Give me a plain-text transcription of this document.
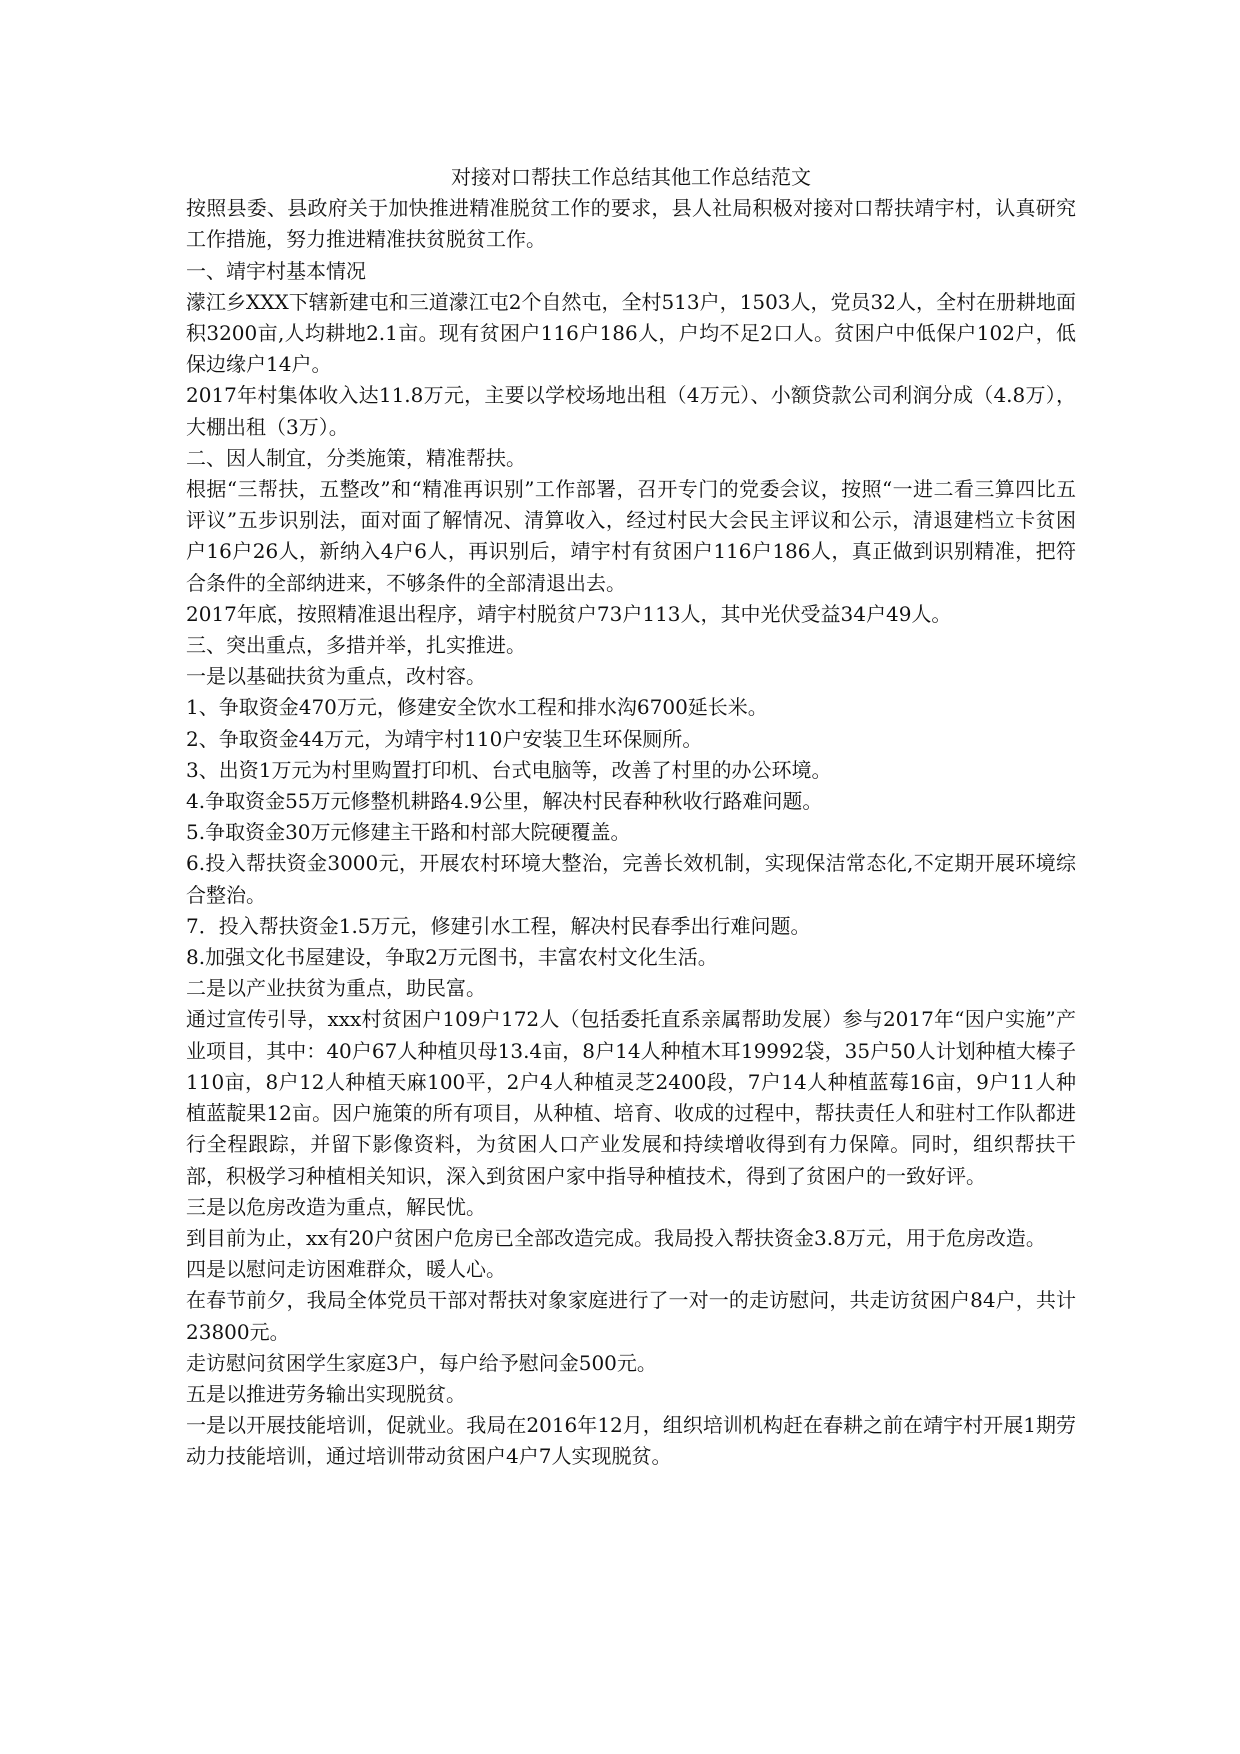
对接对口帮扶工作总结其他工作总结范文

按照县委、县政府关于加快推进精准脱贫工作的要求，县人社局积极对接对口帮扶靖宇村，认真研究工作措施，努力推进精准扶贫脱贫工作。

一、靖宇村基本情况

濛江乡XXX下辖新建屯和三道濛江屯2个自然屯，全村513户，1503人，党员32人，全村在册耕地面积3200亩,人均耕地2.1亩。现有贫困户116户186人，户均不足2口人。贫困户中低保户102户，低保边缘户14户。

2017年村集体收入达11.8万元，主要以学校场地出租（4万元）、小额贷款公司利润分成（4.8万），大棚出租（3万）。

二、因人制宜，分类施策，精准帮扶。

根据“三帮扶，五整改”和“精准再识别”工作部署，召开专门的党委会议，按照“一进二看三算四比五评议”五步识别法，面对面了解情况、清算收入，经过村民大会民主评议和公示，清退建档立卡贫困户16户26人，新纳入4户6人，再识别后，靖宇村有贫困户116户186人，真正做到识别精准，把符合条件的全部纳进来，不够条件的全部清退出去。

2017年底，按照精准退出程序，靖宇村脱贫户73户113人，其中光伏受益34户49人。

三、突出重点，多措并举，扎实推进。

一是以基础扶贫为重点，改村容。

1、争取资金470万元，修建安全饮水工程和排水沟6700延长米。

2、争取资金44万元，为靖宇村110户安装卫生环保厕所。

3、出资1万元为村里购置打印机、台式电脑等，改善了村里的办公环境。

4.争取资金55万元修整机耕路4.9公里，解决村民春种秋收行路难问题。

5.争取资金30万元修建主干路和村部大院硬覆盖。

6.投入帮扶资金3000元，开展农村环境大整治，完善长效机制，实现保洁常态化,不定期开展环境综合整治。

7．投入帮扶资金1.5万元，修建引水工程，解决村民春季出行难问题。

8.加强文化书屋建设，争取2万元图书，丰富农村文化生活。

二是以产业扶贫为重点，助民富。

通过宣传引导，xxx村贫困户109户172人（包括委托直系亲属帮助发展）参与2017年“因户实施”产业项目，其中：40户67人种植贝母13.4亩，8户14人种植木耳19992袋，35户50人计划种植大榛子110亩，8户12人种植天麻100平，2户4人种植灵芝2400段，7户14人种植蓝莓16亩，9户11人种植蓝靛果12亩。因户施策的所有项目，从种植、培育、收成的过程中，帮扶责任人和驻村工作队都进行全程跟踪，并留下影像资料，为贫困人口产业发展和持续增收得到有力保障。同时，组织帮扶干部，积极学习种植相关知识，深入到贫困户家中指导种植技术，得到了贫困户的一致好评。

三是以危房改造为重点，解民忧。

到目前为止，xx有20户贫困户危房已全部改造完成。我局投入帮扶资金3.8万元，用于危房改造。

四是以慰问走访困难群众，暖人心。

在春节前夕，我局全体党员干部对帮扶对象家庭进行了一对一的走访慰问，共走访贫困户84户，共计23800元。

走访慰问贫困学生家庭3户，每户给予慰问金500元。

五是以推进劳务输出实现脱贫。

一是以开展技能培训，促就业。我局在2016年12月，组织培训机构赶在春耕之前在靖宇村开展1期劳动力技能培训，通过培训带动贫困户4户7人实现脱贫。
